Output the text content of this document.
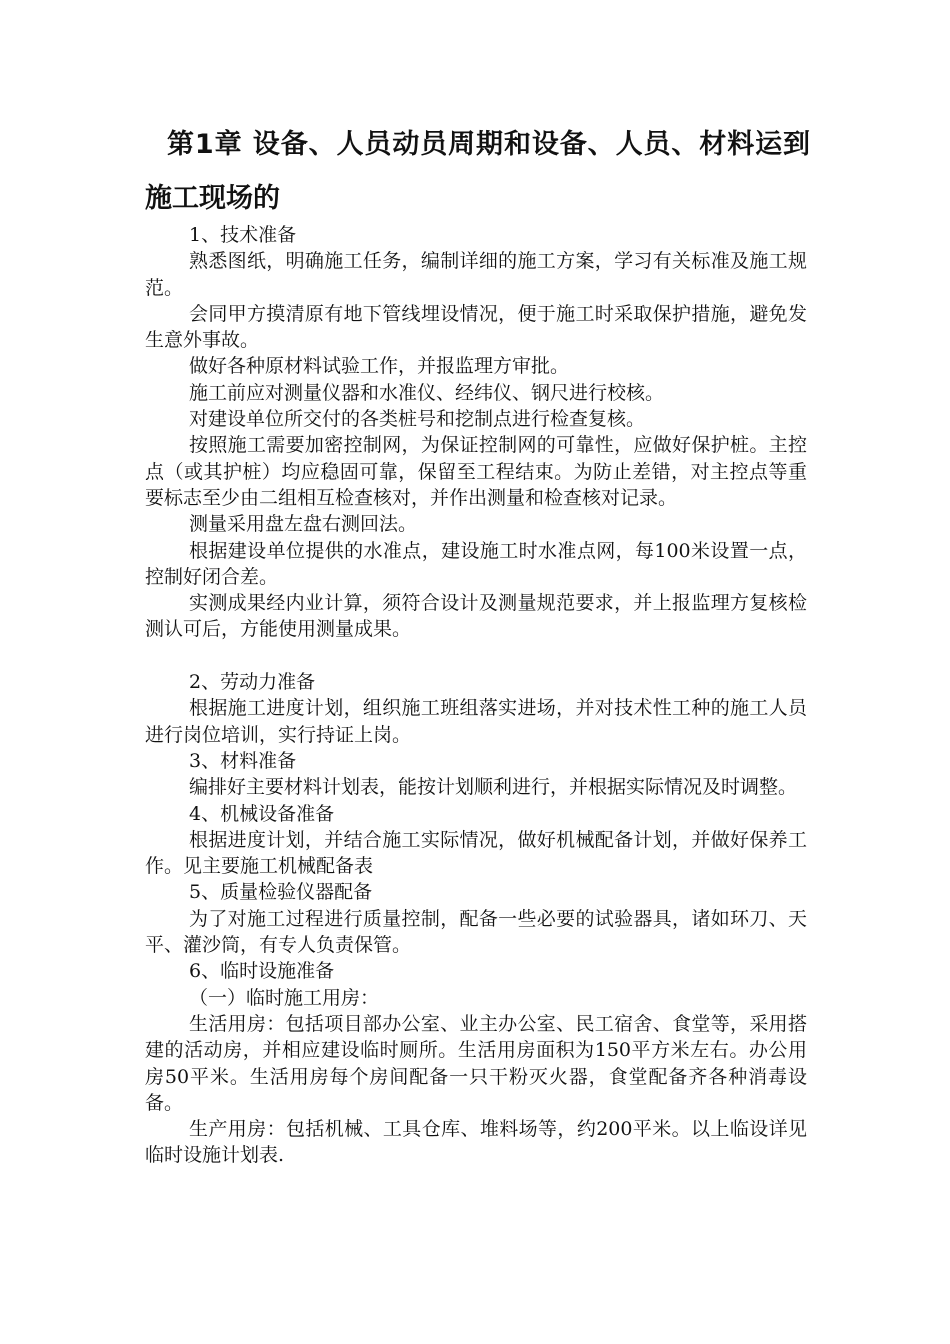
第1章 设备、人员动员周期和设备、人员、材料运到施工现场的

1、技术准备

熟悉图纸，明确施工任务，编制详细的施工方案，学习有关标准及施工规范。

会同甲方摸清原有地下管线埋设情况，便于施工时采取保护措施，避免发生意外事故。

做好各种原材料试验工作，并报监理方审批。

施工前应对测量仪器和水准仪、经纬仪、钢尺进行校核。

对建设单位所交付的各类桩号和挖制点进行检查复核。

按照施工需要加密控制网，为保证控制网的可靠性，应做好保护桩。主控点（或其护桩）均应稳固可靠，保留至工程结束。为防止差错，对主控点等重要标志至少由二组相互检查核对，并作出测量和检查核对记录。

测量采用盘左盘右测回法。

根据建设单位提供的水准点，建设施工时水准点网，每100米设置一点，控制好闭合差。

实测成果经内业计算，须符合设计及测量规范要求，并上报监理方复核检测认可后，方能使用测量成果。

2、劳动力准备

根据施工进度计划，组织施工班组落实进场，并对技术性工种的施工人员进行岗位培训，实行持证上岗。

3、材料准备

编排好主要材料计划表，能按计划顺利进行，并根据实际情况及时调整。

4、机械设备准备

根据进度计划，并结合施工实际情况，做好机械配备计划，并做好保养工作。见主要施工机械配备表

5、质量检验仪器配备

为了对施工过程进行质量控制，配备一些必要的试验器具，诸如环刀、天平、灌沙筒，有专人负责保管。

6、临时设施准备

（一）临时施工用房：

生活用房：包括项目部办公室、业主办公室、民工宿舍、食堂等，采用搭建的活动房，并相应建设临时厕所。生活用房面积为150平方米左右。办公用房50平米。生活用房每个房间配备一只干粉灭火器，食堂配备齐各种消毒设备。

生产用房：包括机械、工具仓库、堆料场等，约200平米。以上临设详见临时设施计划表.
